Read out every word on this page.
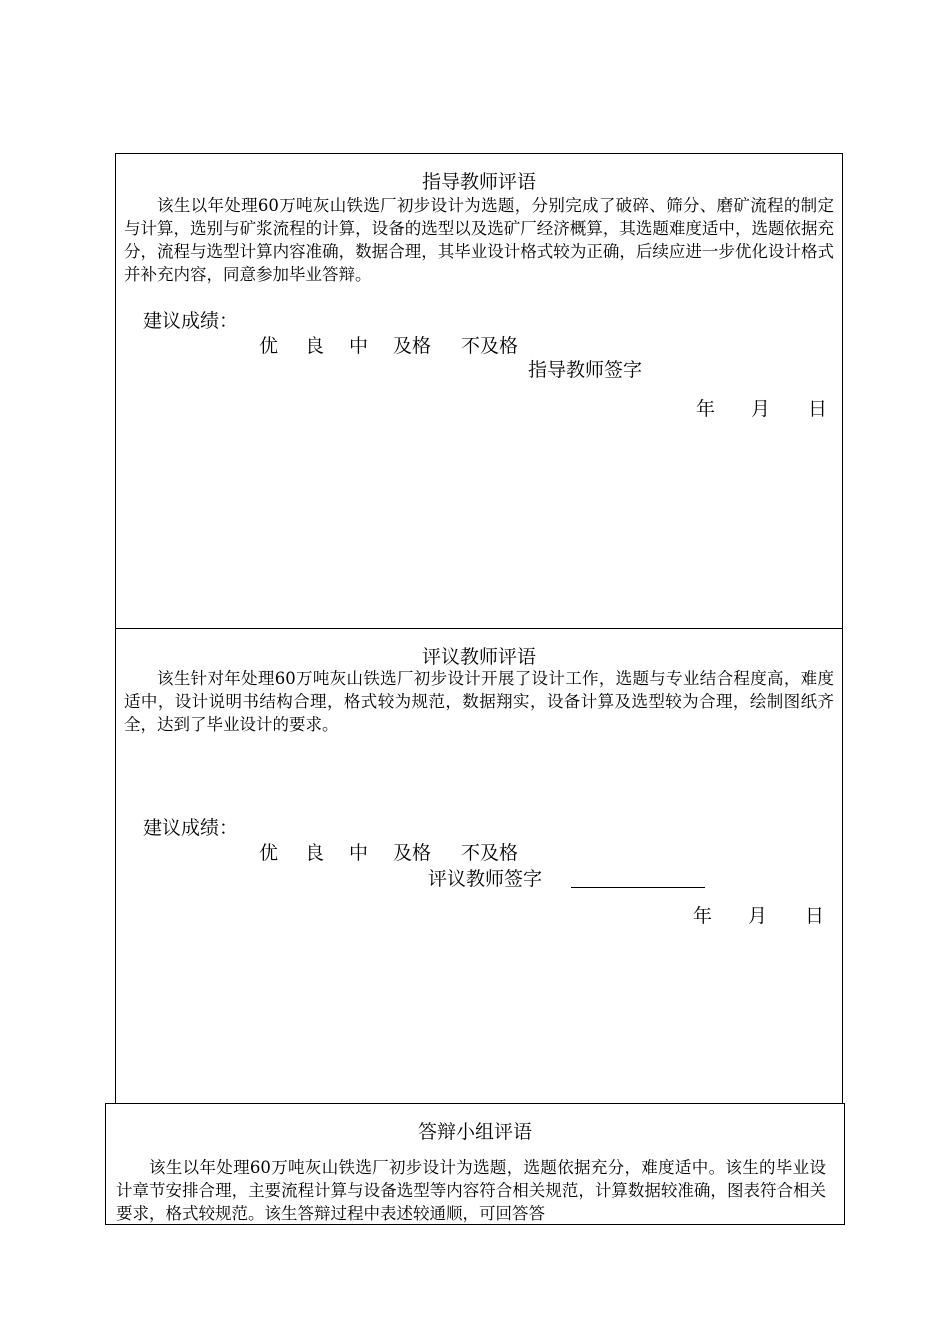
指导教师评语
该生以年处理60万吨灰山铁选厂初步设计为选题，分别完成了破碎、筛分、磨矿流程的制定与计算，选别与矿浆流程的计算，设备的选型以及选矿厂经济概算，其选题难度适中，选题依据充分，流程与选型计算内容准确，数据合理，其毕业设计格式较为正确，后续应进一步优化设计格式并补充内容，同意参加毕业答辩。
建议成绩：
优 良 中 及格 不及格
指导教师签字
年 月 日
评议教师评语
该生针对年处理60万吨灰山铁选厂初步设计开展了设计工作，选题与专业结合程度高，难度适中，设计说明书结构合理，格式较为规范，数据翔实，设备计算及选型较为合理，绘制图纸齐全，达到了毕业设计的要求。
建议成绩：
优 良 中 及格 不及格
评议教师签字
年 月 日
答辩小组评语
该生以年处理60万吨灰山铁选厂初步设计为选题，选题依据充分，难度适中。该生的毕业设计章节安排合理，主要流程计算与设备选型等内容符合相关规范，计算数据较准确，图表符合相关要求，格式较规范。该生答辩过程中表述较通顺，可回答答
